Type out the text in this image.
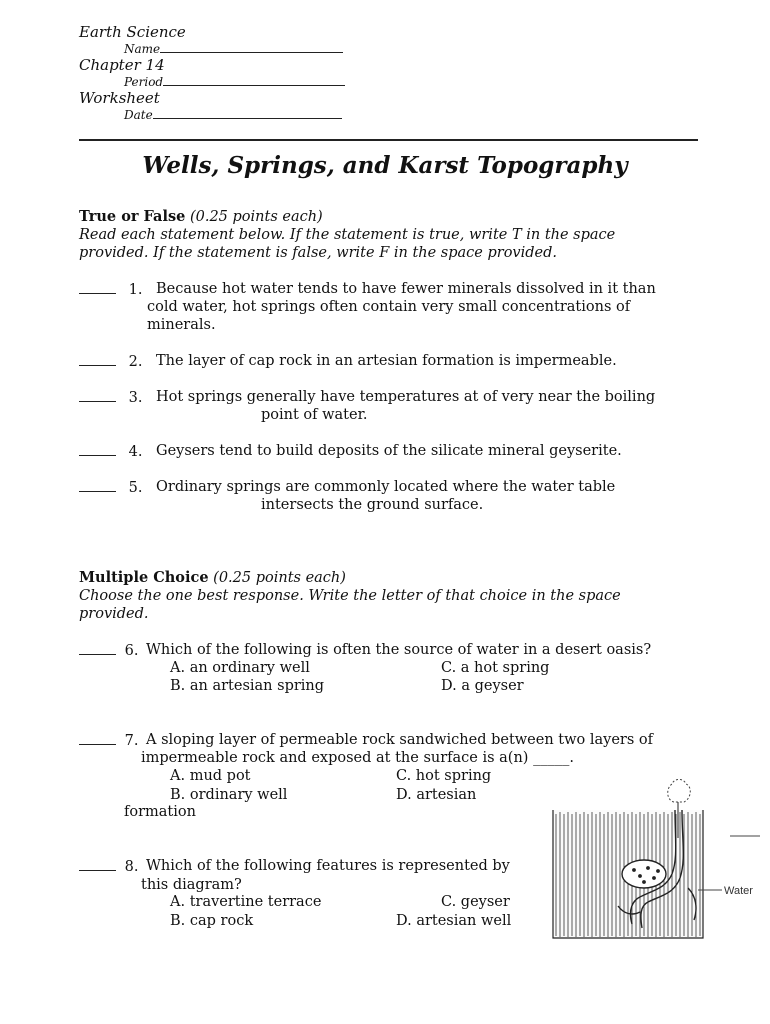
Earth Science
Name
Chapter 14
Period
Worksheet
Date
Wells, Springs, and Karst Topography
True or False (0.25 points each)
Read each statement below. If the statement is true, write T in the space
provided. If the statement is false, write F in the space provided.
1. Because hot water tends to have fewer minerals dissolved in it than
cold water, hot springs often contain very small concentrations of
minerals.
2. The layer of cap rock in an artesian formation is impermeable.
3. Hot springs generally have temperatures at of very near the boiling
point of water.
4. Geysers tend to build deposits of the silicate mineral geyserite.
5. Ordinary springs are commonly located where the water table
intersects the ground surface.
Multiple Choice (0.25 points each)
Choose the one best response. Write the letter of that choice in the space
provided.
6. Which of the following is often the source of water in a desert oasis?
A. an ordinary well	C. a hot spring
B. an artesian spring	D. a geyser
7. A sloping layer of permeable rock sandwiched between two layers of
impermeable rock and exposed at the surface is a(n) _____.
A. mud pot	C. hot spring
B. ordinary well	D. artesian
formation
8. Which of the following features is represented by
this diagram?
A. travertine terrace	C. geyser
B. cap rock	D. artesian well
Water
